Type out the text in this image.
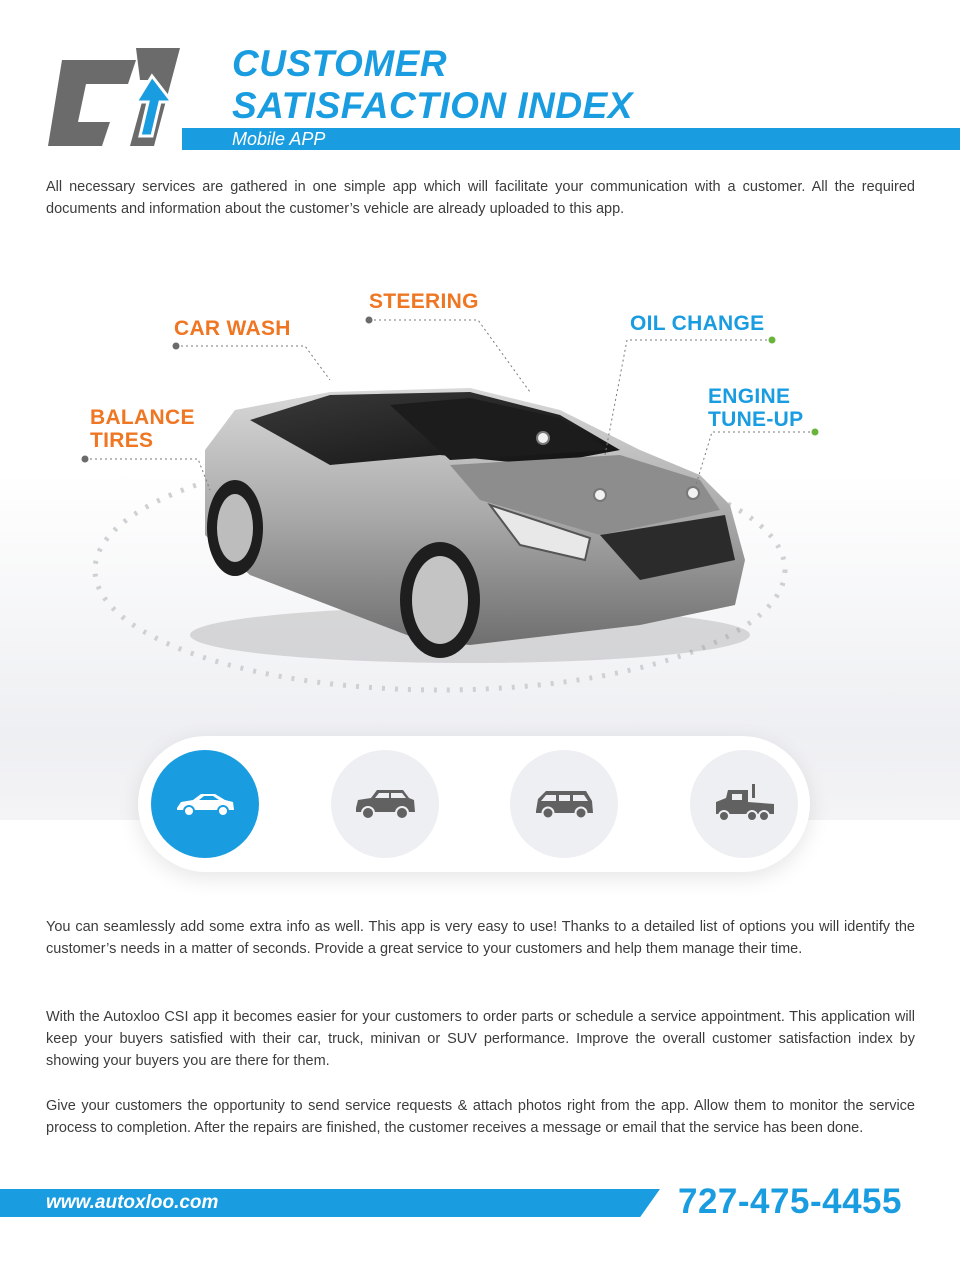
CUSTOMER
SATISFACTION INDEX
Mobile APP
All necessary services are gathered in one simple app which will facilitate your communication with a customer. All the required documents and information about the customer’s vehicle are already uploaded to this app.
STEERING
CAR WASH	OIL CHANGE
ENGINE
TUNE-UP
BALANCE
TIRES
You can seamlessly add some extra info as well. This app is very easy to use! Thanks to a detailed list of options you will identify the customer’s needs in a matter of seconds. Provide a great service to your customers and help them manage their time.
With the Autoxloo CSI app it becomes easier for your customers to order parts or schedule a service appointment. This application will keep your buyers satisfied with their car, truck, minivan or SUV performance. Improve the overall customer satisfaction index by showing your buyers you are there for them.
Give your customers the opportunity to send service requests & attach photos right from the app. Allow them to monitor the service process to completion. After the repairs are finished, the customer receives a message or email that the service has been done.
www.autoxloo.com	727-475-4455
